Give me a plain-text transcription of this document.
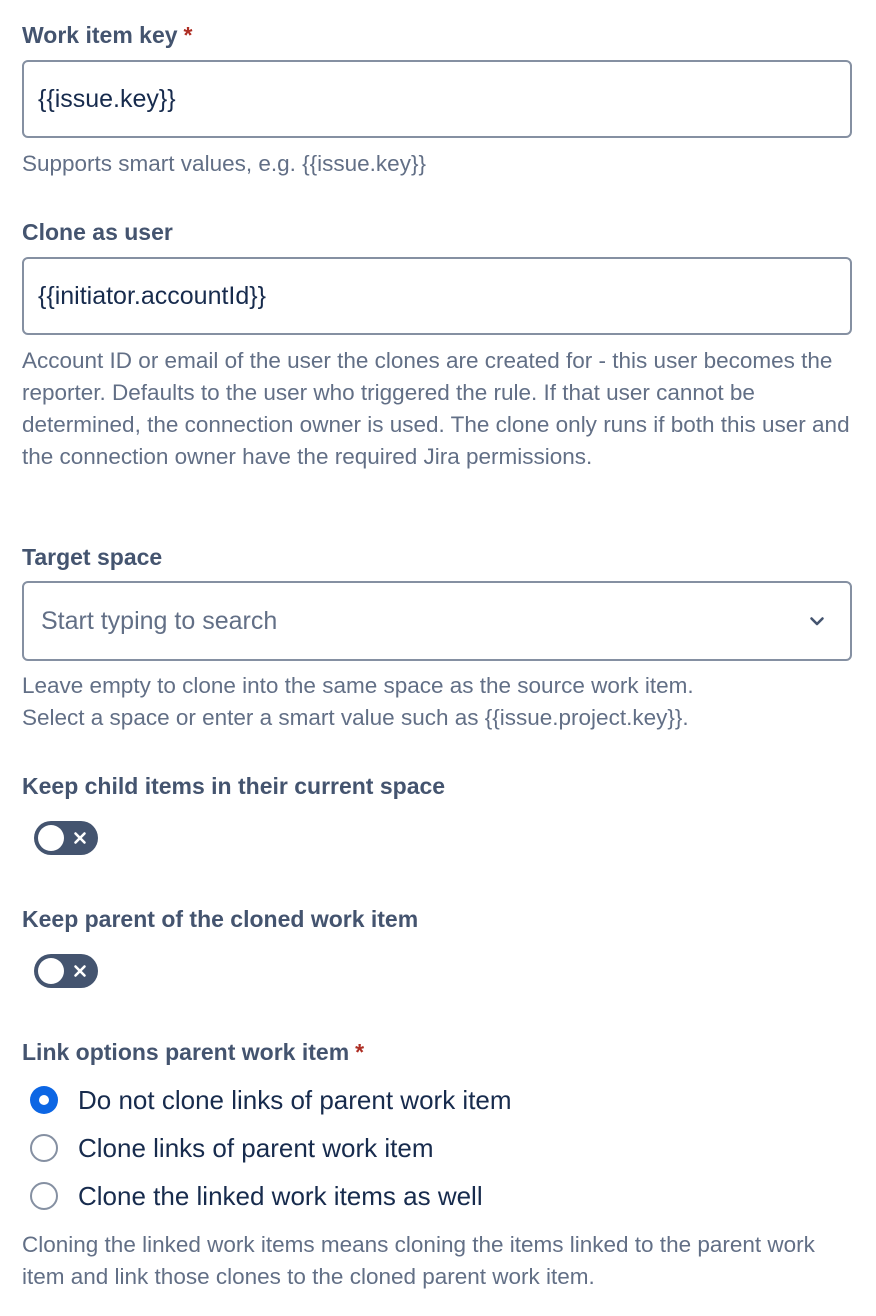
Work item key *
{{issue.key}}
Supports smart values, e.g. {{issue.key}}
Clone as user
{{initiator.accountId}}
Account ID or email of the user the clones are created for - this user becomes the reporter. Defaults to the user who triggered the rule. If that user cannot be determined, the connection owner is used. The clone only runs if both this user and the connection owner have the required Jira permissions.
Target space
Start typing to search
Leave empty to clone into the same space as the source work item.
Select a space or enter a smart value such as {{issue.project.key}}.
Keep child items in their current space
Keep parent of the cloned work item
Link options parent work item *
Do not clone links of parent work item
Clone links of parent work item
Clone the linked work items as well
Cloning the linked work items means cloning the items linked to the parent work item and link those clones to the cloned parent work item.
